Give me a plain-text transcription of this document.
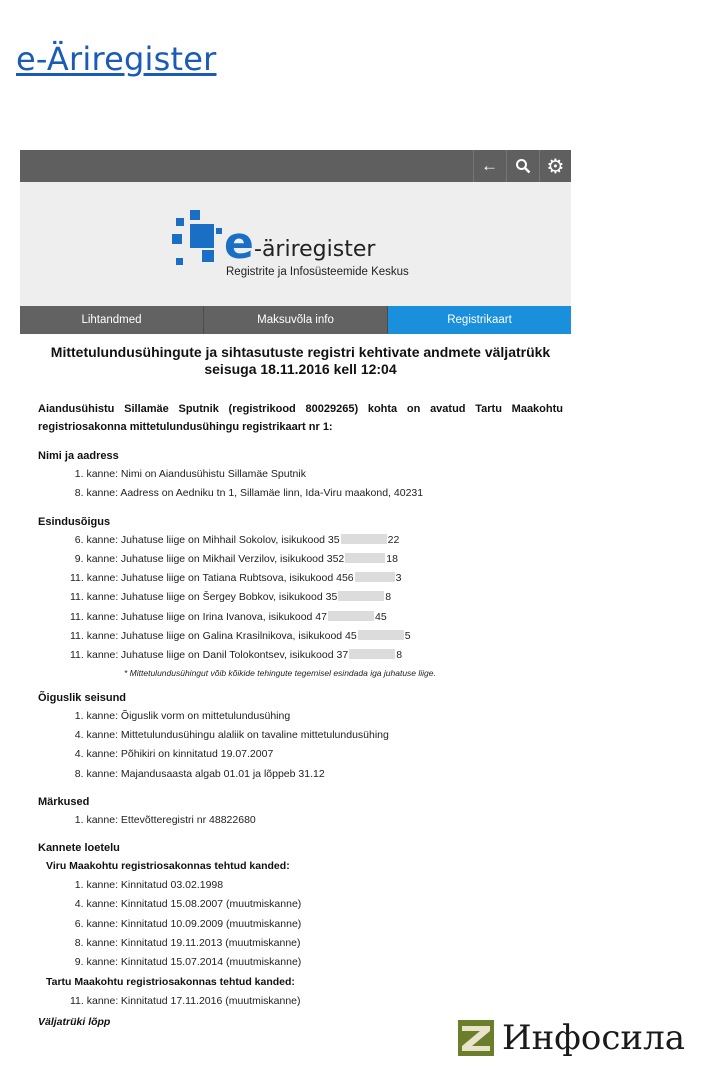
e-Äriregister
←	⚙
e -äriregister
Registrite ja Infosüsteemide Keskus
Lihtandmed	Maksuvõla info	Registrikaart
Mittetulundusühingute ja sihtasutuste registri kehtivate andmete väljatrükk seisuga 18.11.2016 kell 12:04
Aiandusühistu Sillamäe Sputnik (registrikood 80029265) kohta on avatud Tartu Maakohtu registriosakonna mittetulundusühingu registrikaart nr 1:
Nimi ja aadress
1. kanne: Nimi on Aiandusühistu Sillamäe Sputnik
8. kanne: Aadress on Aedniku tn 1, Sillamäe linn, Ida-Viru maakond, 40231
Esindusõigus
6. kanne: Juhatuse liige on Mihhail Sokolov, isikukood 35	22
9. kanne: Juhatuse liige on Mikhail Verzilov, isikukood 352	18
11. kanne: Juhatuse liige on Tatiana Rubtsova, isikukood 456	3
11. kanne: Juhatuse liige on Šergey Bobkov, isikukood 35	8
11. kanne: Juhatuse liige on Irina Ivanova, isikukood 47	45
11. kanne: Juhatuse liige on Galina Krasilnikova, isikukood 45	5
11. kanne: Juhatuse liige on Danil Tolokontsev, isikukood 37	8
* Mittetulundusühingut võib kõikide tehingute tegemisel esindada iga juhatuse liige.
Õiguslik seisund
1. kanne: Õiguslik vorm on mittetulundusühing
4. kanne: Mittetulundusühingu alaliik on tavaline mittetulundusühing
4. kanne: Põhikiri on kinnitatud 19.07.2007
8. kanne: Majandusaasta algab 01.01 ja lõppeb 31.12
Märkused
1. kanne: Ettevõtteregistri nr 48822680
Kannete loetelu
Viru Maakohtu registriosakonnas tehtud kanded:
1. kanne: Kinnitatud 03.02.1998
4. kanne: Kinnitatud 15.08.2007 (muutmiskanne)
6. kanne: Kinnitatud 10.09.2009 (muutmiskanne)
8. kanne: Kinnitatud 19.11.2013 (muutmiskanne)
9. kanne: Kinnitatud 15.07.2014 (muutmiskanne)
Tartu Maakohtu registriosakonnas tehtud kanded:
11. kanne: Kinnitatud 17.11.2016 (muutmiskanne)
Väljatrüki lõpp	Инфосила
